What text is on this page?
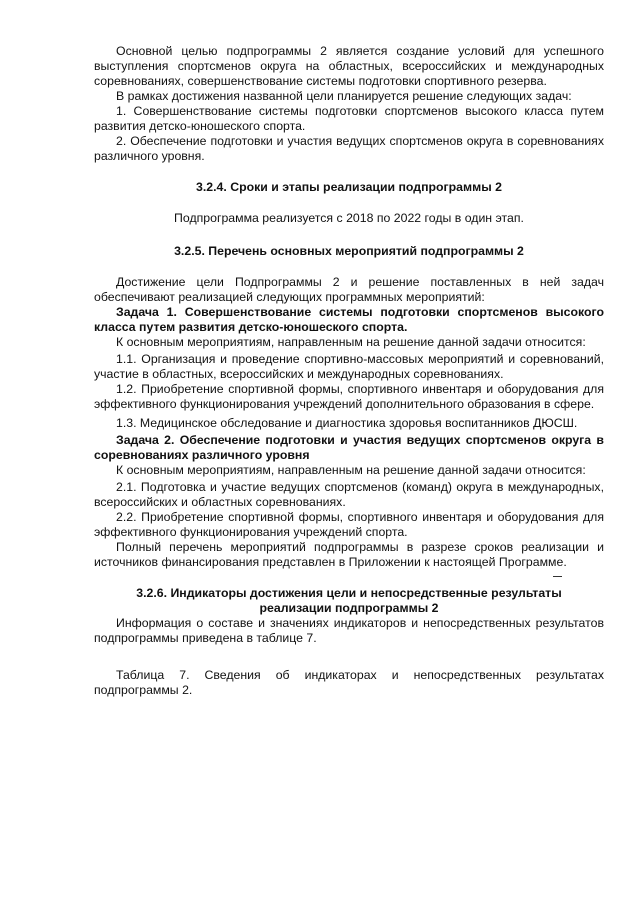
Основной целью подпрограммы 2 является создание условий для успешного выступления спортсменов округа на областных, всероссийских и международных соревнованиях, совершенствование системы подготовки спортивного резерва.

В рамках достижения названной цели планируется решение следующих задач:

1. Совершенствование системы подготовки спортсменов высокого класса путем развития детско-юношеского спорта.

2. Обеспечение подготовки и участия ведущих спортсменов округа в соревнованиях различного уровня.

3.2.4. Сроки и этапы реализации подпрограммы 2

Подпрограмма реализуется с 2018 по 2022 годы в один этап.

3.2.5. Перечень основных мероприятий подпрограммы 2

Достижение цели Подпрограммы 2 и решение поставленных в ней задач обеспечивают реализацией следующих программных мероприятий:

Задача 1. Совершенствование системы подготовки спортсменов высокого класса путем развития детско-юношеского спорта.

К основным мероприятиям, направленным на решение данной задачи относится:

1.1. Организация и проведение спортивно-массовых мероприятий и соревнований, участие в областных, всероссийских и международных соревнованиях.

1.2. Приобретение спортивной формы, спортивного инвентаря и оборудования для эффективного функционирования учреждений дополнительного образования в сфере.

1.3. Медицинское обследование и диагностика здоровья воспитанников ДЮСШ.

Задача 2. Обеспечение подготовки и участия ведущих спортсменов округа в соревнованиях различного уровня

К основным мероприятиям, направленным на решение данной задачи относится:

2.1. Подготовка и участие ведущих спортсменов (команд) округа в международных, всероссийских и областных соревнованиях.

2.2. Приобретение спортивной формы, спортивного инвентаря и оборудования для эффективного функционирования учреждений спорта.

Полный перечень мероприятий подпрограммы в разрезе сроков реализации и источников финансирования представлен в Приложении к настоящей Программе.

3.2.6. Индикаторы достижения цели и непосредственные результаты

реализации подпрограммы 2

Информация о составе и значениях индикаторов и непосредственных результатов подпрограммы приведена в таблице 7.

Таблица 7. Сведения об индикаторах и непосредственных результатах подпрограммы 2.
